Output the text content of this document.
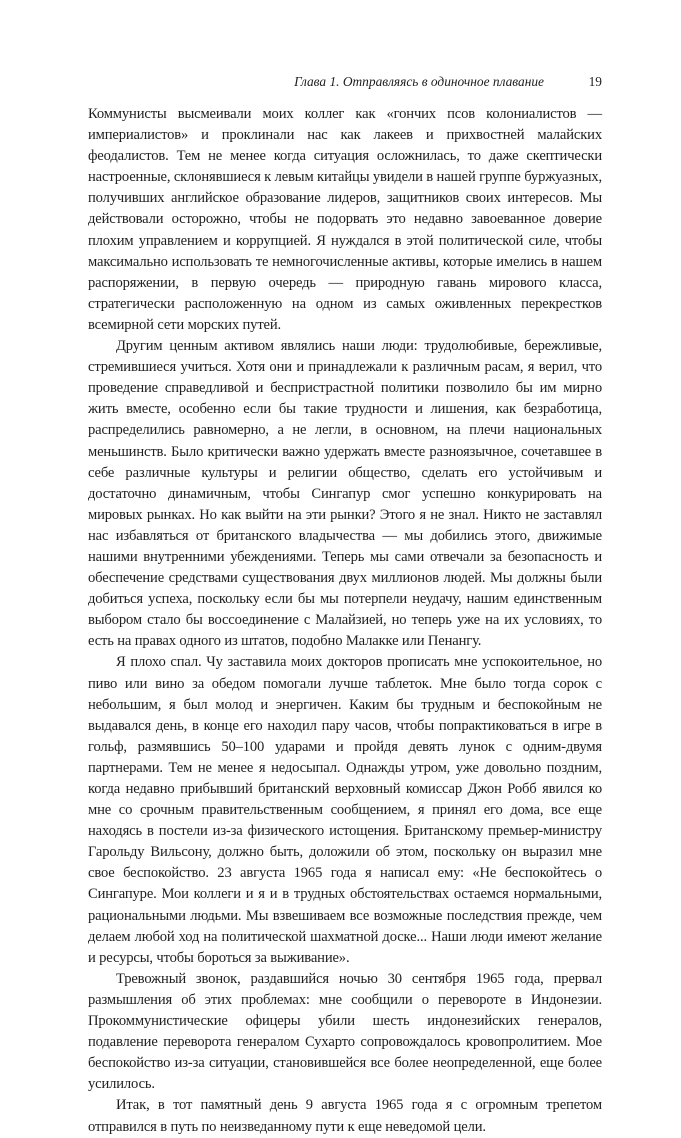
Глава 1. Отправляясь в одиночное плавание	19

Коммунисты высмеивали моих коллег как «гончих псов колониалистов — империалистов» и проклинали нас как лакеев и прихвостней малайских феодалистов. Тем не менее когда ситуация осложнилась, то даже скептически настроенные, склонявшиеся к левым китайцы увидели в нашей группе буржуазных, получивших английское образование лидеров, защитников своих интересов. Мы действовали осторожно, чтобы не подорвать это недавно завоеванное доверие плохим управлением и коррупцией. Я нуждался в этой политической силе, чтобы максимально использовать те немногочисленные активы, которые имелись в нашем распоряжении, в первую очередь — природную гавань мирового класса, стратегически расположенную на одном из самых оживленных перекрестков всемирной сети морских путей.

Другим ценным активом являлись наши люди: трудолюбивые, бережливые, стремившиеся учиться. Хотя они и принадлежали к различным расам, я верил, что проведение справедливой и беспристрастной политики позволило бы им мирно жить вместе, особенно если бы такие трудности и лишения, как безработица, распределились равномерно, а не легли, в основном, на плечи национальных меньшинств. Было критически важно удержать вместе разноязычное, сочетавшее в себе различные культуры и религии общество, сделать его устойчивым и достаточно динамичным, чтобы Сингапур смог успешно конкурировать на мировых рынках. Но как выйти на эти рынки? Этого я не знал. Никто не заставлял нас избавляться от британского владычества — мы добились этого, движимые нашими внутренними убеждениями. Теперь мы сами отвечали за безопасность и обеспечение средствами существования двух миллионов людей. Мы должны были добиться успеха, поскольку если бы мы потерпели неудачу, нашим единственным выбором стало бы воссоединение с Малайзией, но теперь уже на их условиях, то есть на правах одного из штатов, подобно Малакке или Пенангу.

Я плохо спал. Чу заставила моих докторов прописать мне успокоительное, но пиво или вино за обедом помогали лучше таблеток. Мне было тогда сорок с небольшим, я был молод и энергичен. Каким бы трудным и беспокойным не выдавался день, в конце его находил пару часов, чтобы попрактиковаться в игре в гольф, размявшись 50–100 ударами и пройдя девять лунок с одним-двумя партнерами. Тем не менее я недосыпал. Однажды утром, уже довольно поздним, когда недавно прибывший британский верховный комиссар Джон Робб явился ко мне со срочным правительственным сообщением, я принял его дома, все еще находясь в постели из-за физического истощения. Британскому премьер-министру Гарольду Вильсону, должно быть, доложили об этом, поскольку он выразил мне свое беспокойство. 23 августа 1965 года я написал ему: «Не беспокойтесь о Сингапуре. Мои коллеги и я и в трудных обстоятельствах остаемся нормальными, рациональными людьми. Мы взвешиваем все возможные последствия прежде, чем делаем любой ход на политической шахматной доске... Наши люди имеют желание и ресурсы, чтобы бороться за выживание».

Тревожный звонок, раздавшийся ночью 30 сентября 1965 года, прервал размышления об этих проблемах: мне сообщили о перевороте в Индонезии. Прокоммунистические офицеры убили шесть индонезийских генералов, подавление переворота генералом Сухарто сопровождалось кровопролитием. Мое беспокойство из-за ситуации, становившейся все более неопределенной, еще более усилилось.

Итак, в тот памятный день 9 августа 1965 года я с огромным трепетом отправился в путь по неизведанному пути к еще неведомой цели.
